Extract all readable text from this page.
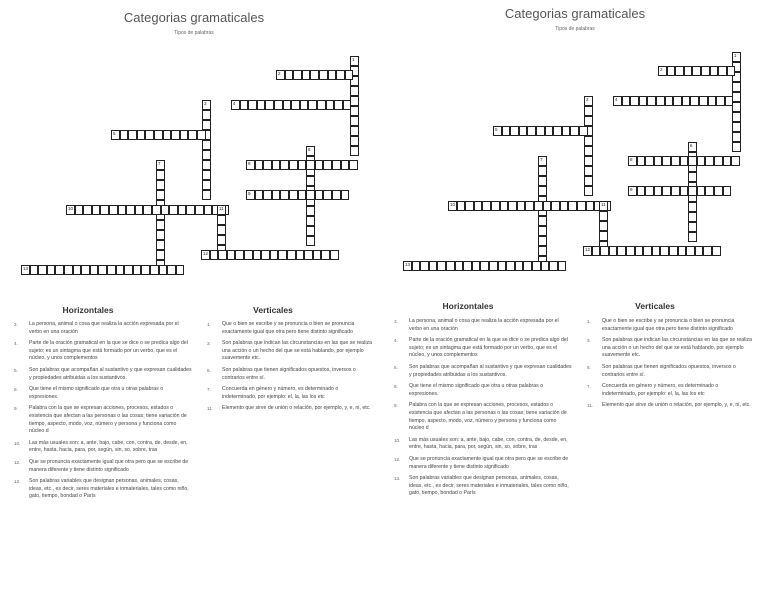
Categorias gramaticales
Tipos de palabras
1
2
3	4
5
6
7	8
9
10	11
12
13
Horizontales	Verticales
2.	La persona, animal o cosa que realiza la acción expresada por el verbo en una oración
4.	Parte de la oración gramatical en la que se dice o se predica algo del sujeto; es un sintagma que está formado por un verbo, que es el núcleo, y unos complementos
5.	Son palabras que acompañan al sustantivo y que expresan cualidades y propiedades atribuidas a los sustantivos.
8.	Que tiene el mismo significado que otra u otras palabras o expresiones.
9.	Palabra con la que se expresan acciones, procesos, estados o existencia que afectan a las personas o las cosas; tiene variación de tiempo, aspecto, modo, voz, número y persona y funciona como núcleo d
10.	Las más usuales son: a, ante, bajo, cabe, con, contra, de, desde, en, entre, hasta, hacia, para, por, según, sin, so, sobre, tras
12.	Que se pronuncia exactamente igual que otra pero que se escribe de manera diferente y tiene distinto significado
13.	Son palabras variables que designan personas, animales, cosas, ideas, etc., es decir, seres materiales e inmateriales, tales como niño, gato, tiempo, bondad o París
1.	Que o bien se escribe y se pronuncia o bien se pronuncia exactamente igual que otra pero tiene distinto significado
3.	Son palabras que indican las circunstancias en las que se realiza una acción o un hecho del que se está hablando, por ejemplo suavemente etc.
6.	Son palabras que tienen significados opuestos, inversos o contrarios entre sí.
7.	Concuerda en género y número, es determinado o indeterminado, por ejemplo: el, la, las los etc
11.	Elemento que sirve de unión o relación, por ejemplo, y, e, ni, etc.
Categorias gramaticales
Tipos de palabras
1
2
3	4
5
6
7	8
9
10	11
12
13
Horizontales	Verticales
2.	La persona, animal o cosa que realiza la acción expresada por el verbo en una oración
4.	Parte de la oración gramatical en la que se dice o se predica algo del sujeto; es un sintagma que está formado por un verbo, que es el núcleo, y unos complementos
5.	Son palabras que acompañan al sustantivo y que expresan cualidades y propiedades atribuidas a los sustantivos.
8.	Que tiene el mismo significado que otra u otras palabras o expresiones.
9.	Palabra con la que se expresan acciones, procesos, estados o existencia que afectan a las personas o las cosas; tiene variación de tiempo, aspecto, modo, voz, número y persona y funciona como núcleo d
10.	Las más usuales son: a, ante, bajo, cabe, con, contra, de, desde, en, entre, hasta, hacia, para, por, según, sin, so, sobre, tras
12.	Que se pronuncia exactamente igual que otra pero que se escribe de manera diferente y tiene distinto significado
13.	Son palabras variables que designan personas, animales, cosas, ideas, etc., es decir, seres materiales e inmateriales, tales como niño, gato, tiempo, bondad o París
1.	Que o bien se escribe y se pronuncia o bien se pronuncia exactamente igual que otra pero tiene distinto significado
3.	Son palabras que indican las circunstancias en las que se realiza una acción o un hecho del que se está hablando, por ejemplo suavemente etc.
6.	Son palabras que tienen significados opuestos, inversos o contrarios entre sí.
7.	Concuerda en género y número, es determinado o indeterminado, por ejemplo: el, la, las los etc
11.	Elemento que sirve de unión o relación, por ejemplo, y, e, ni, etc.
